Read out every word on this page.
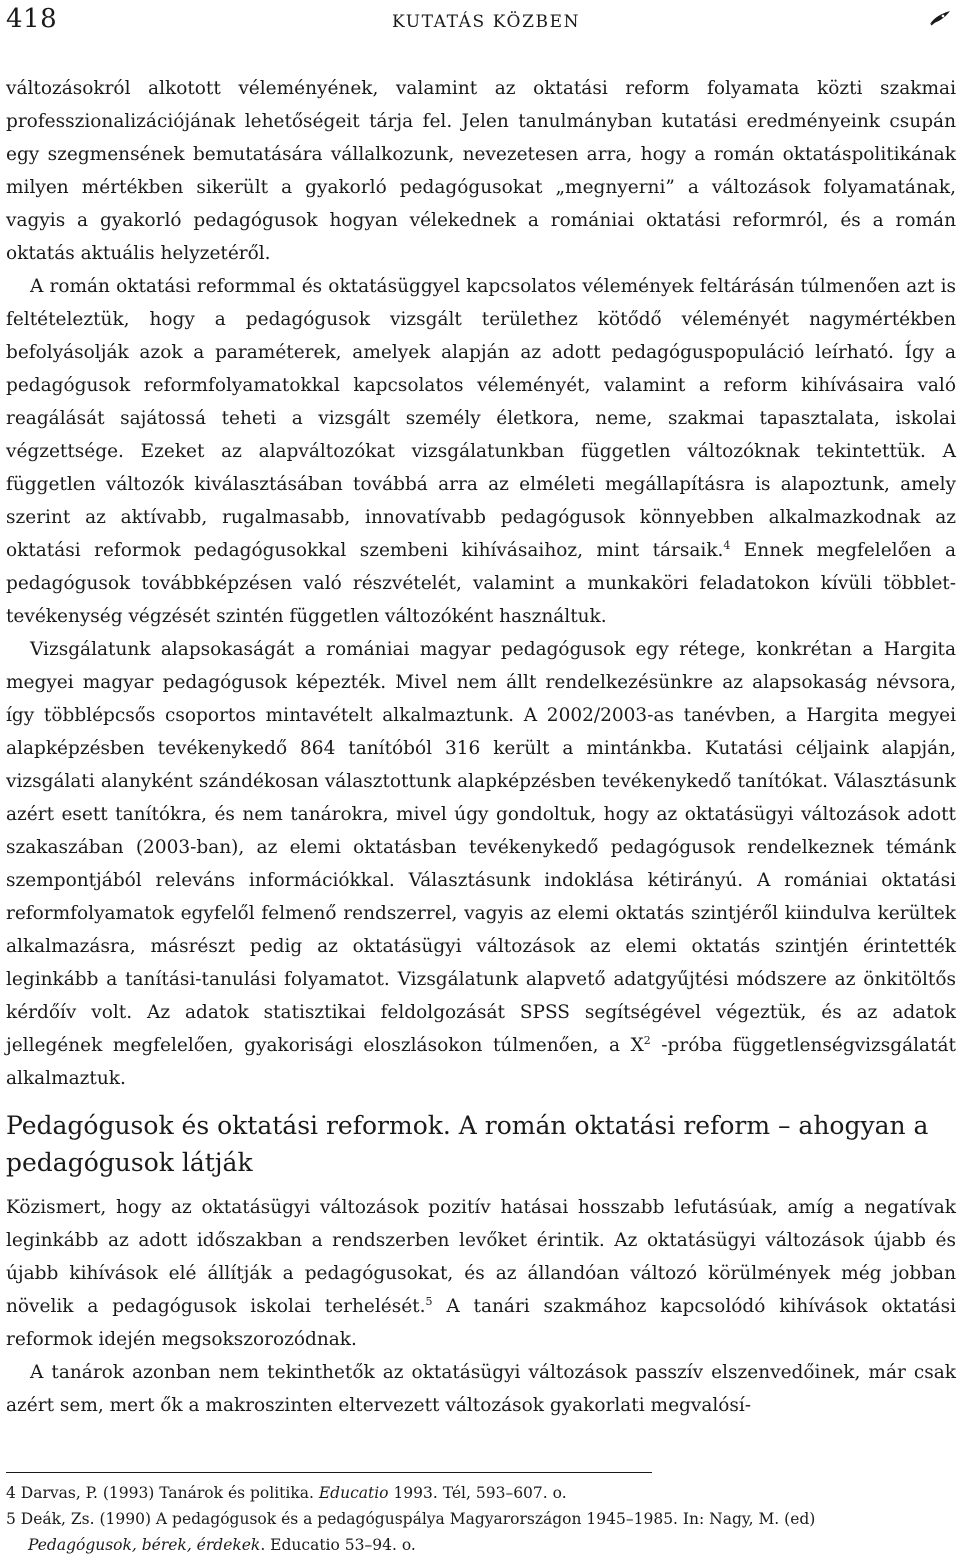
418	KUTATÁS KÖZBEN

változásokról alkotott véleményének, valamint az oktatási reform folyamata közti szakmai professzionalizációjának lehetőségeit tárja fel. Jelen tanulmányban kutatási eredményeink csupán egy szegmensének bemutatására vállalkozunk, nevezetesen arra, hogy a román oktatáspolitikának milyen mértékben sikerült a gyakorló pedagógusokat „megnyerni” a változások folyamatának, vagyis a gyakorló pedagógusok hogyan vélekednek a romániai oktatási reformról, és a román oktatás aktuális helyzetéről.

A román oktatási reformmal és oktatásüggyel kapcsolatos vélemények feltárásán túlmenően azt is feltételeztük, hogy a pedagógusok vizsgált területhez kötődő véleményét nagymértékben befolyásolják azok a paraméterek, amelyek alapján az adott pedagóguspopuláció leírható. Így a pedagógusok reformfolyamatokkal kapcsolatos véleményét, valamint a reform kihívásaira való reagálását sajátossá teheti a vizsgált személy életkora, neme, szakmai tapasztalata, iskolai végzettsége. Ezeket az alapváltozókat vizsgálatunkban független változóknak tekintettük. A független változók kiválasztásában továbbá arra az elméleti megállapításra is alapoztunk, amely szerint az aktívabb, rugalmasabb, innovatívabb pedagógusok könnyebben alkalmazkodnak az oktatási reformok pedagógusokkal szembeni kihívásaihoz, mint társaik.$^4$ Ennek megfelelően a pedagógusok továbbképzésen való részvételét, valamint a munkaköri feladatokon kívüli többlet-tevékenység végzését szintén független változóként használtuk.

Vizsgálatunk alapsokaságát a romániai magyar pedagógusok egy rétege, konkrétan a Hargita megyei magyar pedagógusok képezték. Mivel nem állt rendelkezésünkre az alapsokaság névsora, így többlépcsős csoportos mintavételt alkalmaztunk. A 2002/2003-as tanévben, a Hargita megyei alapképzésben tevékenykedő 864 tanítóból 316 került a mintánkba. Kutatási céljaink alapján, vizsgálati alanyként szándékosan választottunk alapképzésben tevékenykedő tanítókat. Választásunk azért esett tanítókra, és nem tanárokra, mivel úgy gondoltuk, hogy az oktatásügyi változások adott szakaszában (2003-ban), az elemi oktatásban tevékenykedő pedagógusok rendelkeznek témánk szempontjából releváns információkkal. Választásunk indoklása kétirányú. A romániai oktatási reformfolyamatok egyfelől felmenő rendszerrel, vagyis az elemi oktatás szintjéről kiindulva kerültek alkalmazásra, másrészt pedig az oktatásügyi változások az elemi oktatás szintjén érintették leginkább a tanítási-tanulási folyamatot. Vizsgálatunk alapvető adatgyűjtési módszere az önkitöltős kérdőív volt. Az adatok statisztikai feldolgozását SPSS segítségével végeztük, és az adatok jellegének megfelelően, gyakorisági eloszlásokon túlmenően, a $X^2$ -próba függetlenségvizsgálatát alkalmaztuk.

Pedagógusok és oktatási reformok. A román oktatási reform – ahogyan a pedagógusok látják

Közismert, hogy az oktatásügyi változások pozitív hatásai hosszabb lefutásúak, amíg a negatívak leginkább az adott időszakban a rendszerben levőket érintik. Az oktatásügyi változások újabb és újabb kihívások elé állítják a pedagógusokat, és az állandóan változó körülmények még jobban növelik a pedagógusok iskolai terhelését.$^5$ A tanári szakmához kapcsolódó kihívások oktatási reformok idején megsokszorozódnak.

A tanárok azonban nem tekinthetők az oktatásügyi változások passzív elszenvedőinek, már csak azért sem, mert ők a makroszinten eltervezett változások gyakorlati megvalósí-

4 Darvas, P. (1993) Tanárok és politika. Educatio 1993. Tél, 593–607. o.
5 Deák, Zs. (1990) A pedagógusok és a pedagóguspálya Magyarországon 1945–1985. In: Nagy, M. (ed)
Pedagógusok, bérek, érdekek. Educatio 53–94. o.
